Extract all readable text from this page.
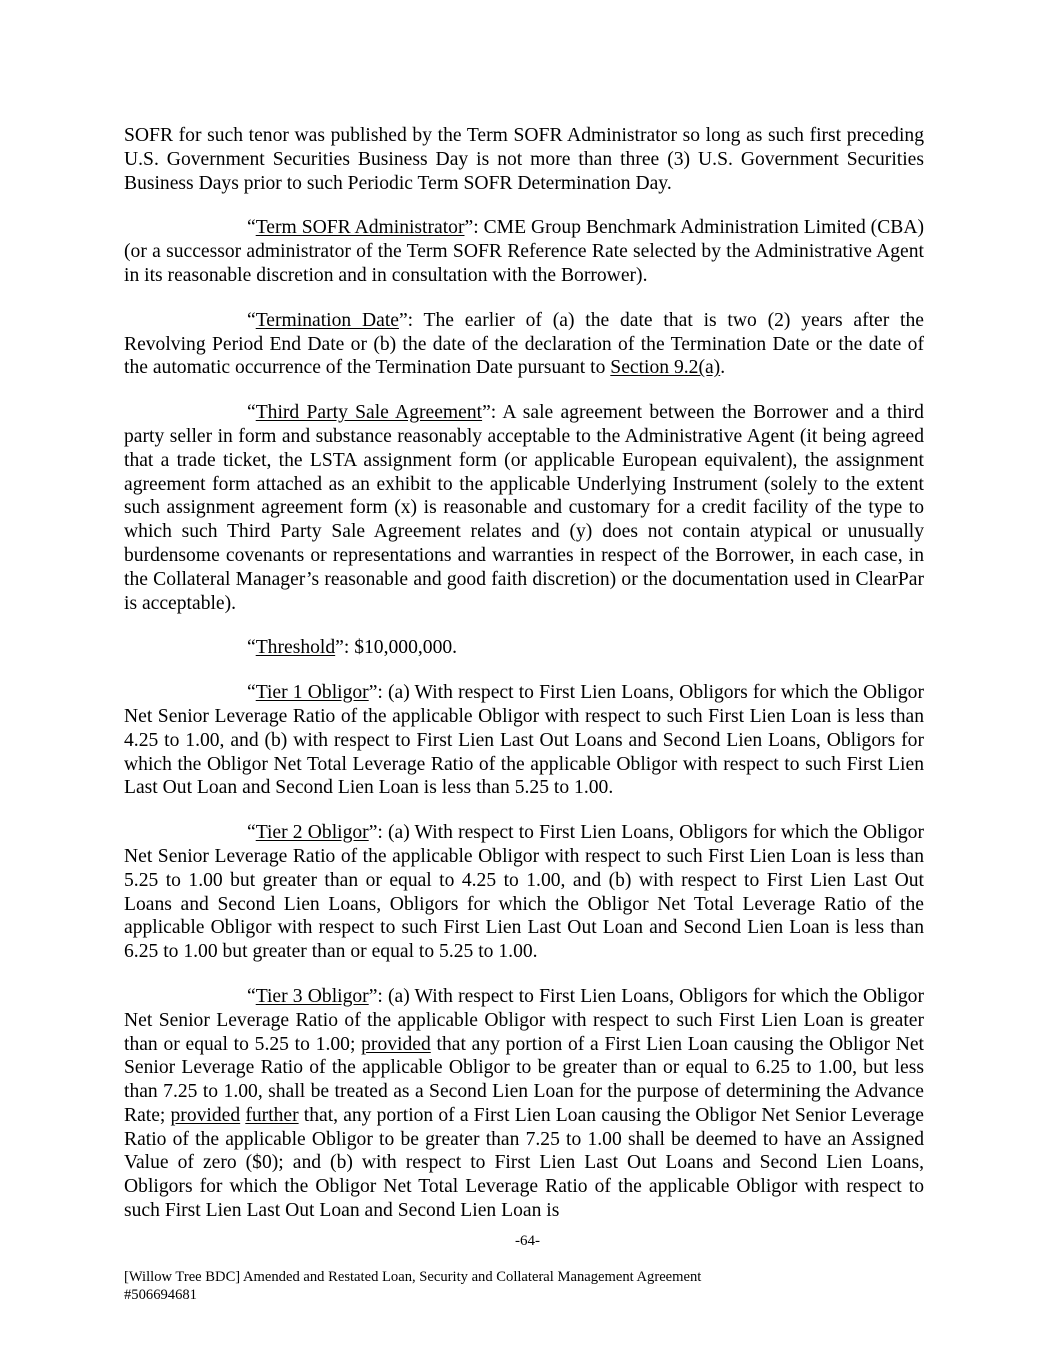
SOFR for such tenor was published by the Term SOFR Administrator so long as such first preceding U.S. Government Securities Business Day is not more than three (3) U.S. Government Securities Business Days prior to such Periodic Term SOFR Determination Day.

“Term SOFR Administrator”: CME Group Benchmark Administration Limited (CBA) (or a successor administrator of the Term SOFR Reference Rate selected by the Administrative Agent in its reasonable discretion and in consultation with the Borrower).

“Termination Date”: The earlier of (a) the date that is two (2) years after the Revolving Period End Date or (b) the date of the declaration of the Termination Date or the date of the automatic occurrence of the Termination Date pursuant to Section 9.2(a).

“Third Party Sale Agreement”: A sale agreement between the Borrower and a third party seller in form and substance reasonably acceptable to the Administrative Agent (it being agreed that a trade ticket, the LSTA assignment form (or applicable European equivalent), the assignment agreement form attached as an exhibit to the applicable Underlying Instrument (solely to the extent such assignment agreement form (x) is reasonable and customary for a credit facility of the type to which such Third Party Sale Agreement relates and (y) does not contain atypical or unusually burdensome covenants or representations and warranties in respect of the Borrower, in each case, in the Collateral Manager’s reasonable and good faith discretion) or the documentation used in ClearPar is acceptable).

“Threshold”: $10,000,000.

“Tier 1 Obligor”: (a) With respect to First Lien Loans, Obligors for which the Obligor Net Senior Leverage Ratio of the applicable Obligor with respect to such First Lien Loan is less than 4.25 to 1.00, and (b) with respect to First Lien Last Out Loans and Second Lien Loans, Obligors for which the Obligor Net Total Leverage Ratio of the applicable Obligor with respect to such First Lien Last Out Loan and Second Lien Loan is less than 5.25 to 1.00.

“Tier 2 Obligor”: (a) With respect to First Lien Loans, Obligors for which the Obligor Net Senior Leverage Ratio of the applicable Obligor with respect to such First Lien Loan is less than 5.25 to 1.00 but greater than or equal to 4.25 to 1.00, and (b) with respect to First Lien Last Out Loans and Second Lien Loans, Obligors for which the Obligor Net Total Leverage Ratio of the applicable Obligor with respect to such First Lien Last Out Loan and Second Lien Loan is less than 6.25 to 1.00 but greater than or equal to 5.25 to 1.00.

“Tier 3 Obligor”: (a) With respect to First Lien Loans, Obligors for which the Obligor Net Senior Leverage Ratio of the applicable Obligor with respect to such First Lien Loan is greater than or equal to 5.25 to 1.00; provided that any portion of a First Lien Loan causing the Obligor Net Senior Leverage Ratio of the applicable Obligor to be greater than or equal to 6.25 to 1.00, but less than 7.25 to 1.00, shall be treated as a Second Lien Loan for the purpose of determining the Advance Rate; provided further that, any portion of a First Lien Loan causing the Obligor Net Senior Leverage Ratio of the applicable Obligor to be greater than 7.25 to 1.00 shall be deemed to have an Assigned Value of zero ($0); and (b) with respect to First Lien Last Out Loans and Second Lien Loans, Obligors for which the Obligor Net Total Leverage Ratio of the applicable Obligor with respect to such First Lien Last Out Loan and Second Lien Loan is

-64-
[Willow Tree BDC] Amended and Restated Loan, Security and Collateral Management Agreement
#506694681
